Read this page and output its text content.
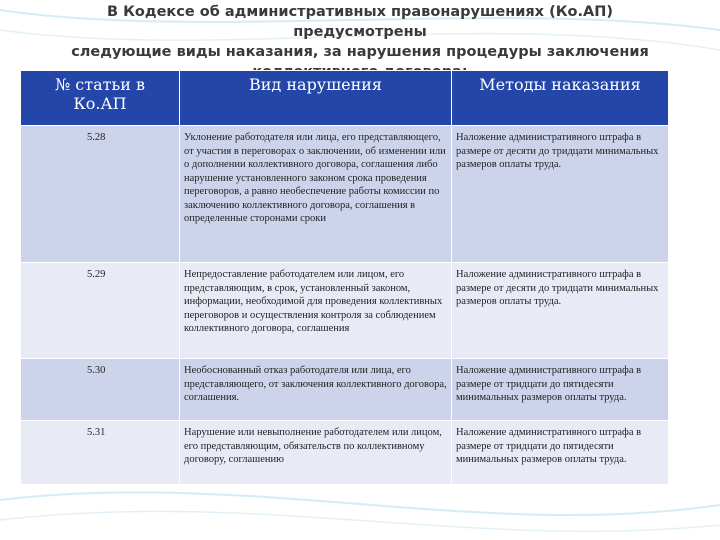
В Кодексе об административных правонарушениях (Ко.АП) предусмотрены
следующие виды наказания, за нарушения процедуры заключения
№ статьи в Ко.АП	Вид нарушения	Методы наказания
5.28	Уклонение работодателя или лица, его представляющего, от участия в переговорах о заключении, об изменении или о дополнении коллективного договора, соглашения либо нарушение установленного законом срока проведения переговоров, а равно необеспечение работы комиссии по заключению коллективного договора, соглашения в определенные сторонами сроки	Наложение административного штрафа в размере от десяти до тридцати минимальных размеров оплаты труда.
5.29	Непредоставление работодателем или лицом, его представляющим, в срок, установленный законом, информации, необходимой для проведения коллективных переговоров и осуществления контроля за соблюдением коллективного договора, соглашения	Наложение административного штрафа в размере от десяти до тридцати минимальных размеров оплаты труда.
5.30	Необоснованный отказ работодателя или лица, его представляющего, от заключения коллективного договора, соглашения.	Наложение административного штрафа в размере от тридцати до пятидесяти минимальных размеров оплаты труда.
5.31	Нарушение или невыполнение работодателем или лицом, его представляющим, обязательств по коллективному договору, соглашению	Наложение административного штрафа в размере от тридцати до пятидесяти минимальных размеров оплаты труда.
